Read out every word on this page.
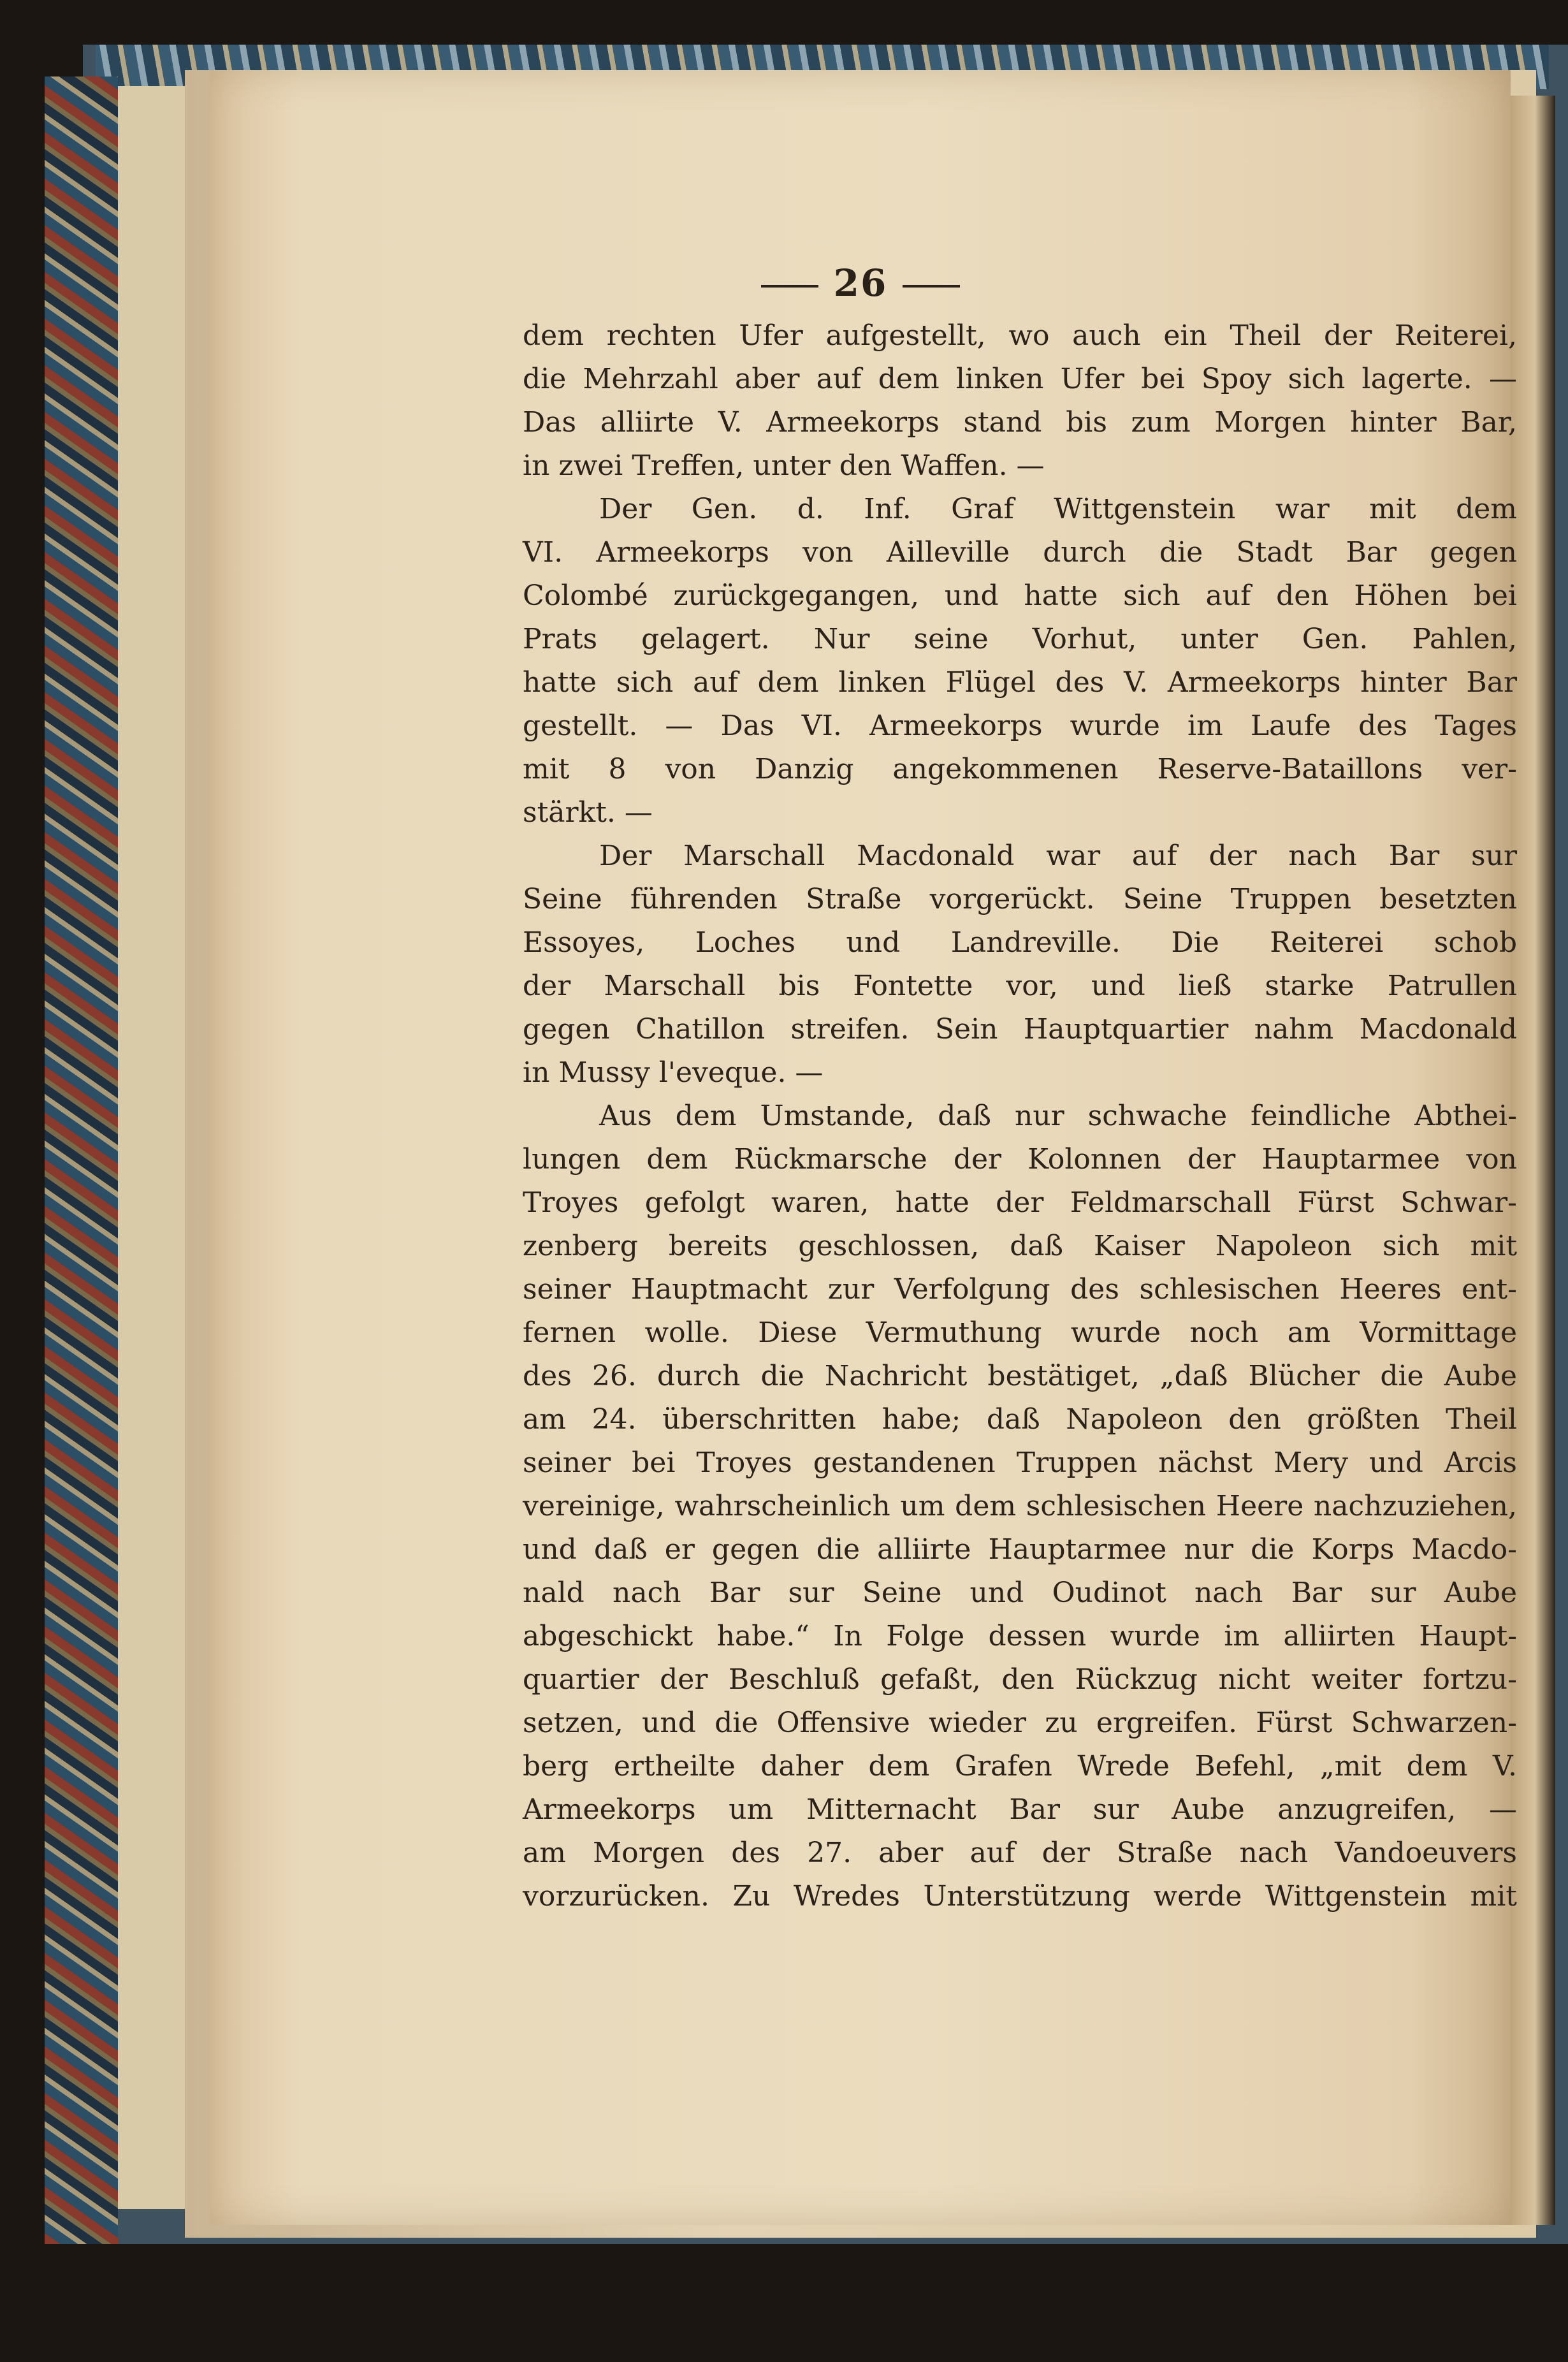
26
dem rechten Ufer aufgestellt, wo auch ein Theil der Reiterei,
die Mehrzahl aber auf dem linken Ufer bei Spoy sich lagerte. —
Das alliirte V. Armeekorps stand bis zum Morgen hinter Bar,
in zwei Treffen, unter den Waffen. —
Der Gen. d. Inf. Graf Wittgenstein war mit dem
VI. Armeekorps von Ailleville durch die Stadt Bar gegen
Colombé zurückgegangen, und hatte sich auf den Höhen bei
Prats gelagert. Nur seine Vorhut, unter Gen. Pahlen,
hatte sich auf dem linken Flügel des V. Armeekorps hinter Bar
gestellt. — Das VI. Armeekorps wurde im Laufe des Tages
mit 8 von Danzig angekommenen Reserve-Bataillons ver-
stärkt. —
Der Marschall Macdonald war auf der nach Bar sur
Seine führenden Straße vorgerückt. Seine Truppen besetzten
Essoyes, Loches und Landreville. Die Reiterei schob
der Marschall bis Fontette vor, und ließ starke Patrullen
gegen Chatillon streifen. Sein Hauptquartier nahm Macdonald
in Mussy l'eveque. —
Aus dem Umstande, daß nur schwache feindliche Abthei-
lungen dem Rückmarsche der Kolonnen der Hauptarmee von
Troyes gefolgt waren, hatte der Feldmarschall Fürst Schwar-
zenberg bereits geschlossen, daß Kaiser Napoleon sich mit
seiner Hauptmacht zur Verfolgung des schlesischen Heeres ent-
fernen wolle. Diese Vermuthung wurde noch am Vormittage
des 26. durch die Nachricht bestätiget, „daß Blücher die Aube
am 24. überschritten habe; daß Napoleon den größten Theil
seiner bei Troyes gestandenen Truppen nächst Mery und Arcis
vereinige, wahrscheinlich um dem schlesischen Heere nachzuziehen,
und daß er gegen die alliirte Hauptarmee nur die Korps Macdo-
nald nach Bar sur Seine und Oudinot nach Bar sur Aube
abgeschickt habe.“ In Folge dessen wurde im alliirten Haupt-
quartier der Beschluß gefaßt, den Rückzug nicht weiter fortzu-
setzen, und die Offensive wieder zu ergreifen. Fürst Schwarzen-
berg ertheilte daher dem Grafen Wrede Befehl, „mit dem V.
Armeekorps um Mitternacht Bar sur Aube anzugreifen, —
am Morgen des 27. aber auf der Straße nach Vandoeuvers
vorzurücken. Zu Wredes Unterstützung werde Wittgenstein mit
